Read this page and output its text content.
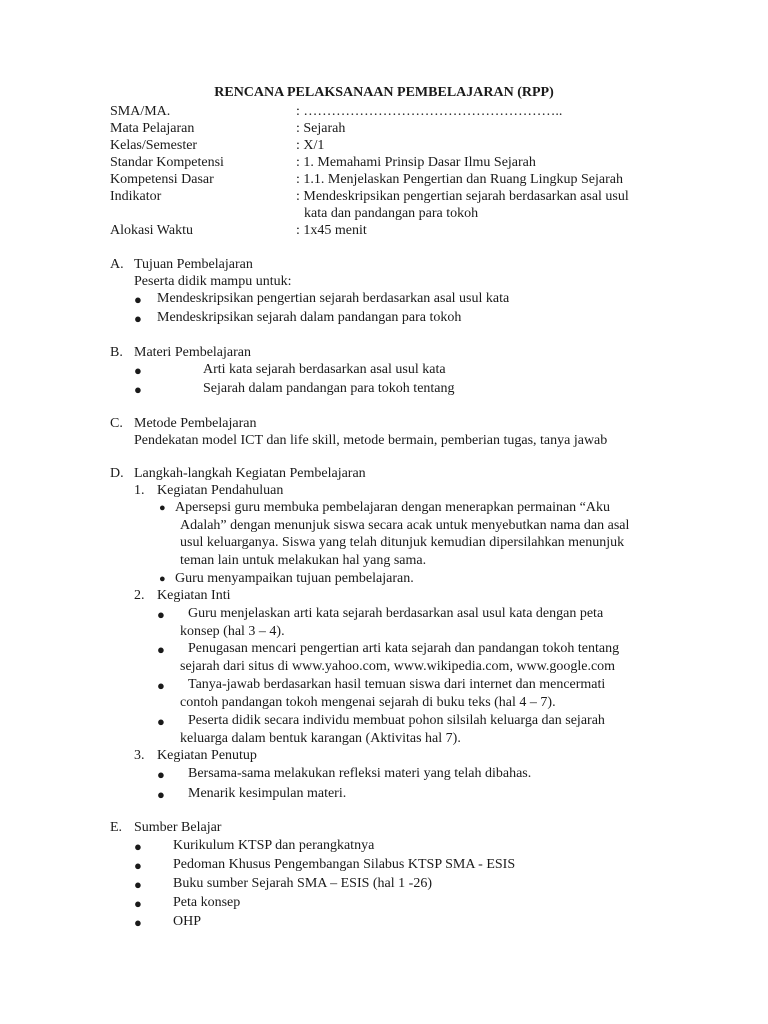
RENCANA PELAKSANAAN PEMBELAJARAN (RPP)
SMA/MA.	: ………………………………………………..
Mata Pelajaran	: Sejarah
Kelas/Semester	: X/1
Standar Kompetensi	: 1. Memahami Prinsip Dasar Ilmu Sejarah
Kompetensi Dasar	: 1.1. Menjelaskan Pengertian dan Ruang Lingkup Sejarah
Indikator	: Mendeskripsikan pengertian sejarah berdasarkan asal usul
kata dan pandangan para tokoh
Alokasi Waktu	: 1x45 menit
A. Tujuan Pembelajaran
Peserta didik mampu untuk:
● Mendeskripsikan pengertian sejarah berdasarkan asal usul kata
● Mendeskripsikan sejarah dalam pandangan para tokoh
B. Materi Pembelajaran
●	Arti kata sejarah berdasarkan asal usul kata
●	Sejarah dalam pandangan para tokoh tentang
C. Metode Pembelajaran
Pendekatan model ICT dan life skill, metode bermain, pemberian tugas, tanya jawab
D. Langkah-langkah Kegiatan Pembelajaran
1. Kegiatan Pendahuluan
● Apersepsi guru membuka pembelajaran dengan menerapkan permainan “Aku
Adalah” dengan menunjuk siswa secara acak untuk menyebutkan nama dan asal
usul keluarganya. Siswa yang telah ditunjuk kemudian dipersilahkan menunjuk
teman lain untuk melakukan hal yang sama.
● Guru menyampaikan tujuan pembelajaran.
2. Kegiatan Inti
●	Guru menjelaskan arti kata sejarah berdasarkan asal usul kata dengan peta
konsep (hal 3 – 4).
●	Penugasan mencari pengertian arti kata sejarah dan pandangan tokoh tentang
sejarah dari situs di www.yahoo.com, www.wikipedia.com, www.google.com
●	Tanya-jawab berdasarkan hasil temuan siswa dari internet dan mencermati
contoh pandangan tokoh mengenai sejarah di buku teks (hal 4 – 7).
●	Peserta didik secara individu membuat pohon silsilah keluarga dan sejarah
keluarga dalam bentuk karangan (Aktivitas hal 7).
3. Kegiatan Penutup
● Bersama-sama melakukan refleksi materi yang telah dibahas.
● Menarik kesimpulan materi.
E. Sumber Belajar
● Kurikulum KTSP dan perangkatnya
● Pedoman Khusus Pengembangan Silabus KTSP SMA - ESIS
● Buku sumber Sejarah SMA – ESIS (hal 1 -26)
● Peta konsep
● OHP
